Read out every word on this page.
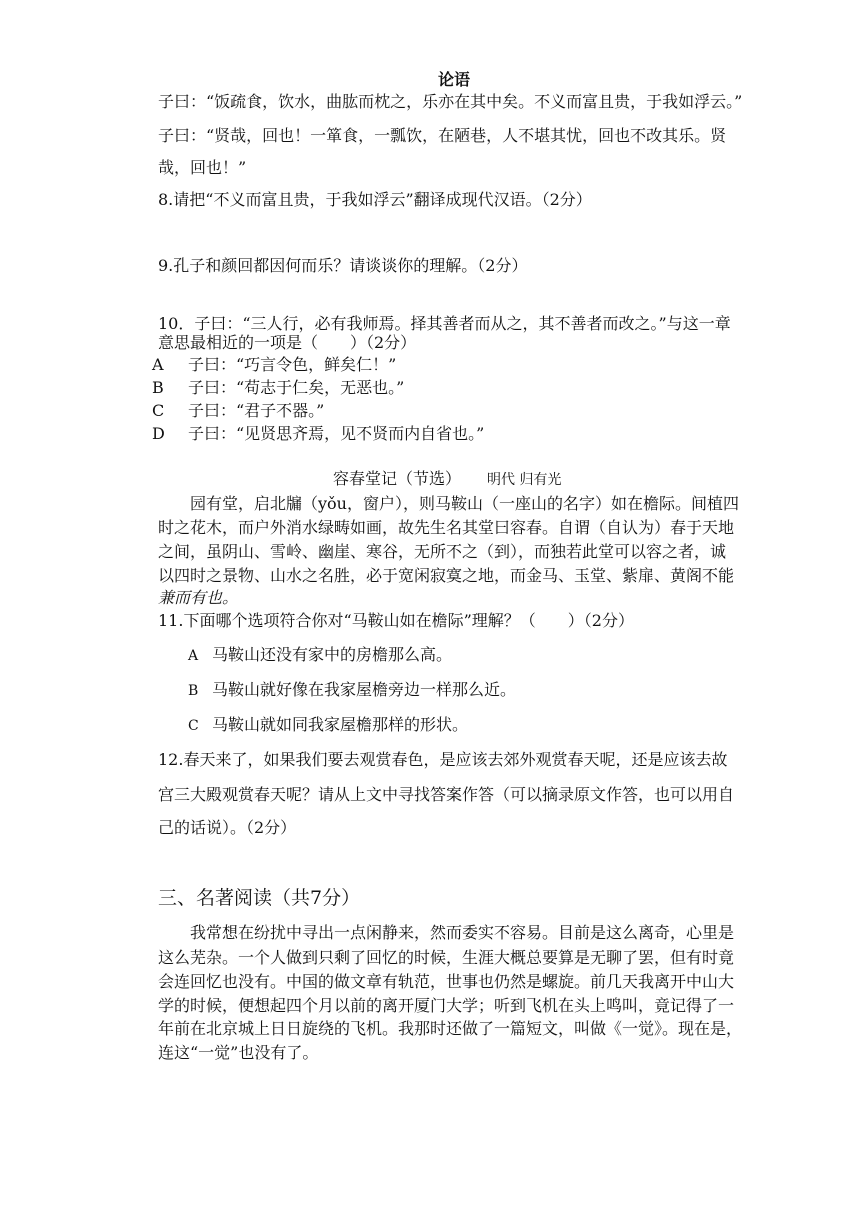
论语
子曰：“饭疏食，饮水，曲肱而枕之，乐亦在其中矣。不义而富且贵，于我如浮云。”
子曰：“贤哉，回也！一箪食，一瓢饮，在陋巷，人不堪其忧，回也不改其乐。贤
哉，回也！”
8.请把“不义而富且贵，于我如浮云”翻译成现代汉语。（2分）
9.孔子和颜回都因何而乐？请谈谈你的理解。（2分）
10．子曰：“三人行，必有我师焉。择其善者而从之，其不善者而改之。”与这一章
意思最相近的一项是（　　）（2分）
A 子曰：“巧言令色，鲜矣仁！”
B 子曰：“苟志于仁矣，无恶也。”
C 子曰：“君子不器。”
D 子曰：“见贤思齐焉，见不贤而内自省也。”
容春堂记（节选） 明代 归有光
园有堂，启北牖（yǒu，窗户），则马鞍山（一座山的名字）如在檐际。间植四
时之花木，而户外消水绿畴如画，故先生名其堂曰容春。自谓（自认为）春于天地
之间，虽阴山、雪岭、幽崖、寒谷，无所不之（到），而独若此堂可以容之者，诚
以四时之景物、山水之名胜，必于宽闲寂寞之地，而金马、玉堂、紫扉、黄阁不能
兼而有也。
11.下面哪个选项符合你对“马鞍山如在檐际”理解？（　　）（2分）
A 马鞍山还没有家中的房檐那么高。
B 马鞍山就好像在我家屋檐旁边一样那么近。
C 马鞍山就如同我家屋檐那样的形状。
12.春天来了，如果我们要去观赏春色，是应该去郊外观赏春天呢，还是应该去故
宫三大殿观赏春天呢？请从上文中寻找答案作答（可以摘录原文作答，也可以用自
己的话说）。（2分）
三、名著阅读（共7分）
我常想在纷扰中寻出一点闲静来，然而委实不容易。目前是这么离奇，心里是
这么芜杂。一个人做到只剩了回忆的时候，生涯大概总要算是无聊了罢，但有时竟
会连回忆也没有。中国的做文章有轨范，世事也仍然是螺旋。前几天我离开中山大
学的时候，便想起四个月以前的离开厦门大学；听到飞机在头上鸣叫，竟记得了一
年前在北京城上日日旋绕的飞机。我那时还做了一篇短文，叫做《一觉》。现在是，
连这“一觉”也没有了。
